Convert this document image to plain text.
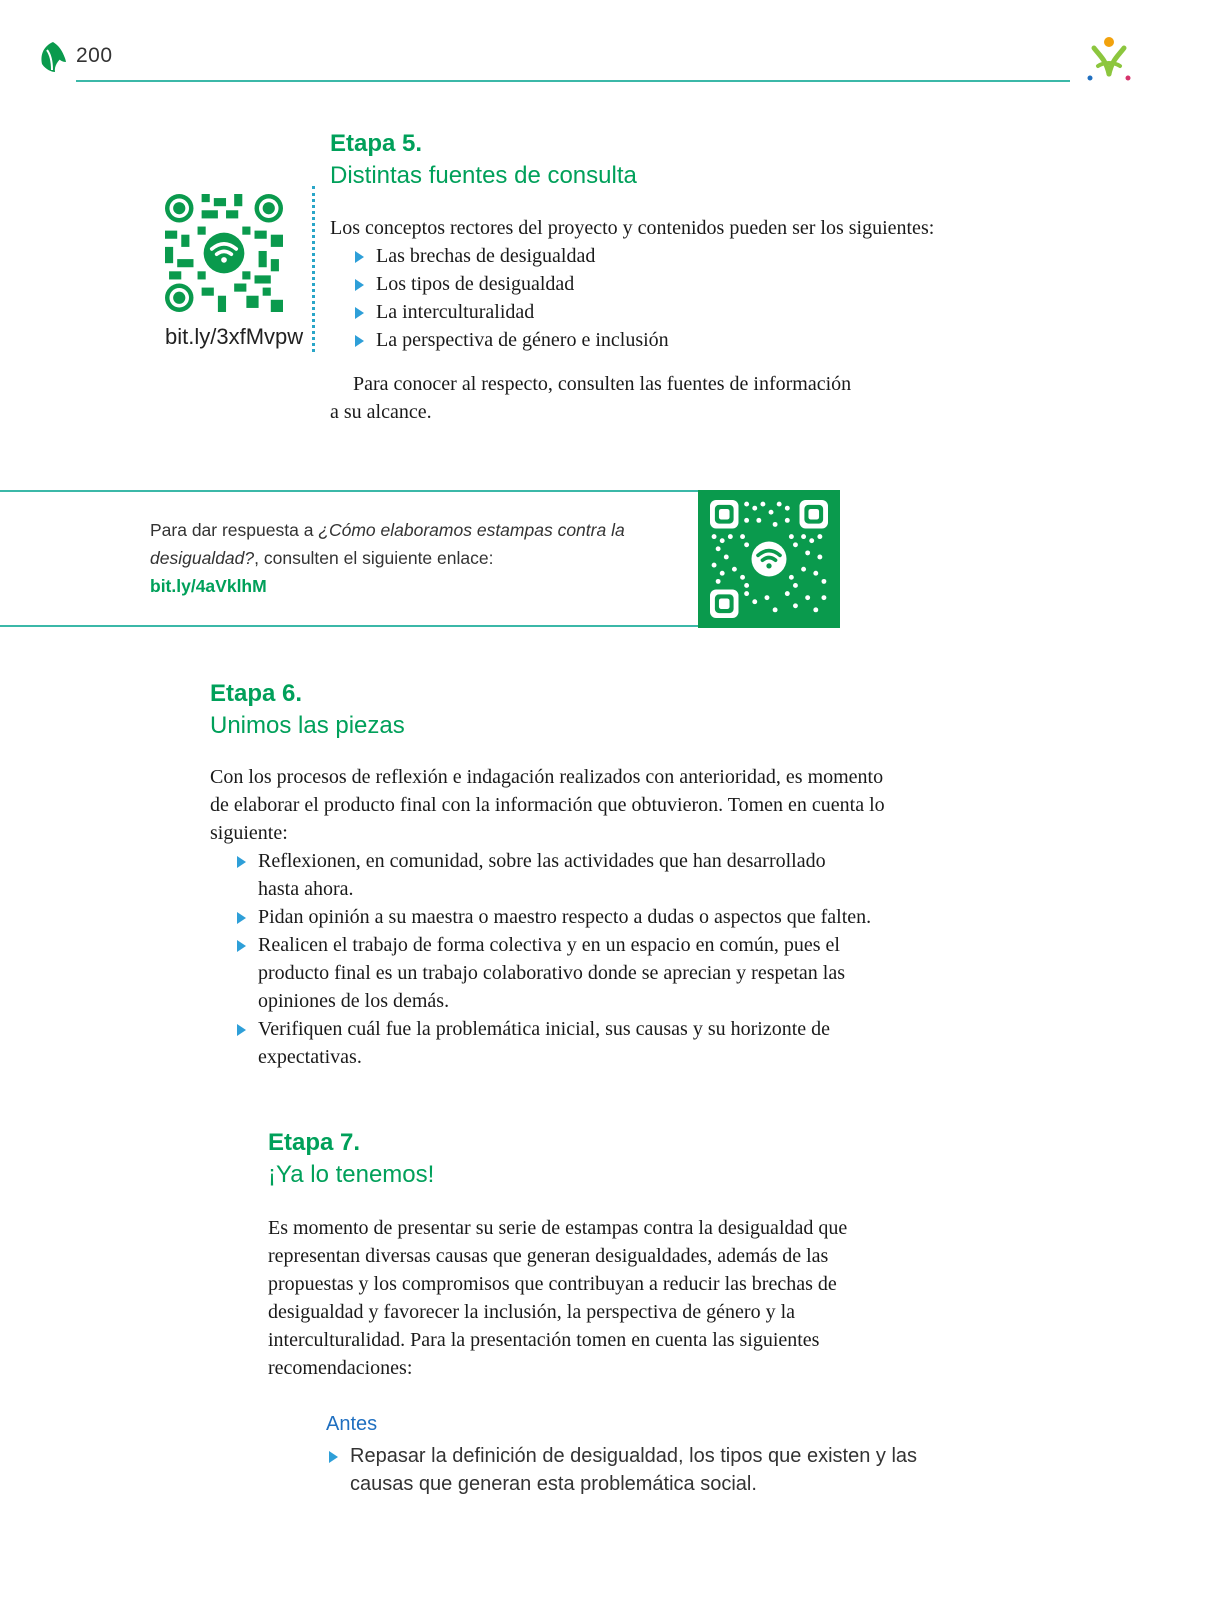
200

Etapa 5.

Distintas fuentes de consulta

bit.ly/3xfMvpw

Los conceptos rectores del proyecto y contenidos pueden ser los siguientes:

Las brechas de desigualdad
Los tipos de desigualdad
La interculturalidad
La perspectiva de género e inclusión

Para conocer al respecto, consulten las fuentes de información

a su alcance.

Para dar respuesta a ¿Cómo elaboramos estampas contra la desigualdad?, consulten el siguiente enlace:
bit.ly/4aVklhM

Etapa 6.

Unimos las piezas

Con los procesos de reflexión e indagación realizados con anterioridad, es momento de elaborar el producto final con la información que obtuvieron. Tomen en cuenta lo siguiente:

Reflexionen, en comunidad, sobre las actividades que han desarrollado hasta ahora.
Pidan opinión a su maestra o maestro respecto a dudas o aspectos que falten.
Realicen el trabajo de forma colectiva y en un espacio en común, pues el producto final es un trabajo colaborativo donde se aprecian y respetan las opiniones de los demás.
Verifiquen cuál fue la problemática inicial, sus causas y su horizonte de expectativas.

Etapa 7.

¡Ya lo tenemos!

Es momento de presentar su serie de estampas contra la desigualdad que representan diversas causas que generan desigualdades, además de las propuestas y los compromisos que contribuyan a reducir las brechas de desigualdad y favorecer la inclusión, la perspectiva de género y la interculturalidad. Para la presentación tomen en cuenta las siguientes recomendaciones:

Antes
Repasar la definición de desigualdad, los tipos que existen y las causas que generan esta problemática social.
